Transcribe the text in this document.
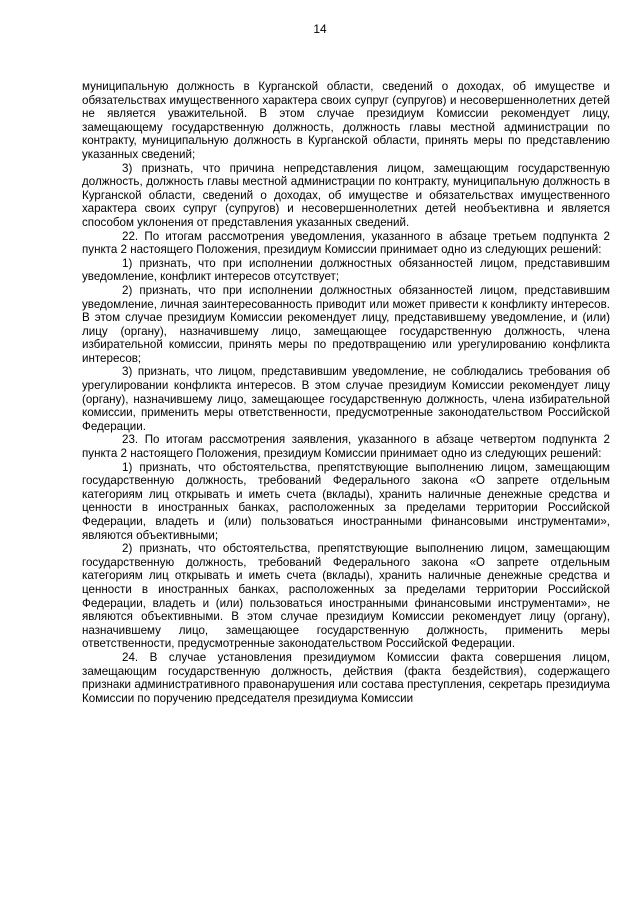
14

муниципальную должность в Курганской области, сведений о доходах, об имуществе и обязательствах имущественного характера своих супруг (супругов) и несовершеннолетних детей не является уважительной. В этом случае президиум Комиссии рекомендует лицу, замещающему государственную должность, должность главы местной администрации по контракту, муниципальную должность в Курганской области, принять меры по представлению указанных сведений;

3) признать, что причина непредставления лицом, замещающим государственную должность, должность главы местной администрации по контракту, муниципальную должность в Курганской области, сведений о доходах, об имуществе и обязательствах имущественного характера своих супруг (супругов) и несовершеннолетних детей необъективна и является способом уклонения от представления указанных сведений.

22. По итогам рассмотрения уведомления, указанного в абзаце третьем подпункта 2 пункта 2 настоящего Положения, президиум Комиссии принимает одно из следующих решений:

1) признать, что при исполнении должностных обязанностей лицом, представившим уведомление, конфликт интересов отсутствует;

2) признать, что при исполнении должностных обязанностей лицом, представившим уведомление, личная заинтересованность приводит или может привести к конфликту интересов. В этом случае президиум Комиссии рекомендует лицу, представившему уведомление, и (или) лицу (органу), назначившему лицо, замещающее государственную должность, члена избирательной комиссии, принять меры по предотвращению или урегулированию конфликта интересов;

3) признать, что лицом, представившим уведомление, не соблюдались требования об урегулировании конфликта интересов. В этом случае президиум Комиссии рекомендует лицу (органу), назначившему лицо, замещающее государственную должность, члена избирательной комиссии, применить меры ответственности, предусмотренные законодательством Российской Федерации.

23. По итогам рассмотрения заявления, указанного в абзаце четвертом подпункта 2 пункта 2 настоящего Положения, президиум Комиссии принимает одно из следующих решений:

1) признать, что обстоятельства, препятствующие выполнению лицом, замещающим государственную должность, требований Федерального закона «О запрете отдельным категориям лиц открывать и иметь счета (вклады), хранить наличные денежные средства и ценности в иностранных банках, расположенных за пределами территории Российской Федерации, владеть и (или) пользоваться иностранными финансовыми инструментами», являются объективными;

2) признать, что обстоятельства, препятствующие выполнению лицом, замещающим государственную должность, требований Федерального закона «О запрете отдельным категориям лиц открывать и иметь счета (вклады), хранить наличные денежные средства и ценности в иностранных банках, расположенных за пределами территории Российской Федерации, владеть и (или) пользоваться иностранными финансовыми инструментами», не являются объективными. В этом случае президиум Комиссии рекомендует лицу (органу), назначившему лицо, замещающее государственную должность, применить меры ответственности, предусмотренные законодательством Российской Федерации.

24. В случае установления президиумом Комиссии факта совершения лицом, замещающим государственную должность, действия (факта бездействия), содержащего признаки административного правонарушения или состава преступления, секретарь президиума Комиссии по поручению председателя президиума Комиссии
